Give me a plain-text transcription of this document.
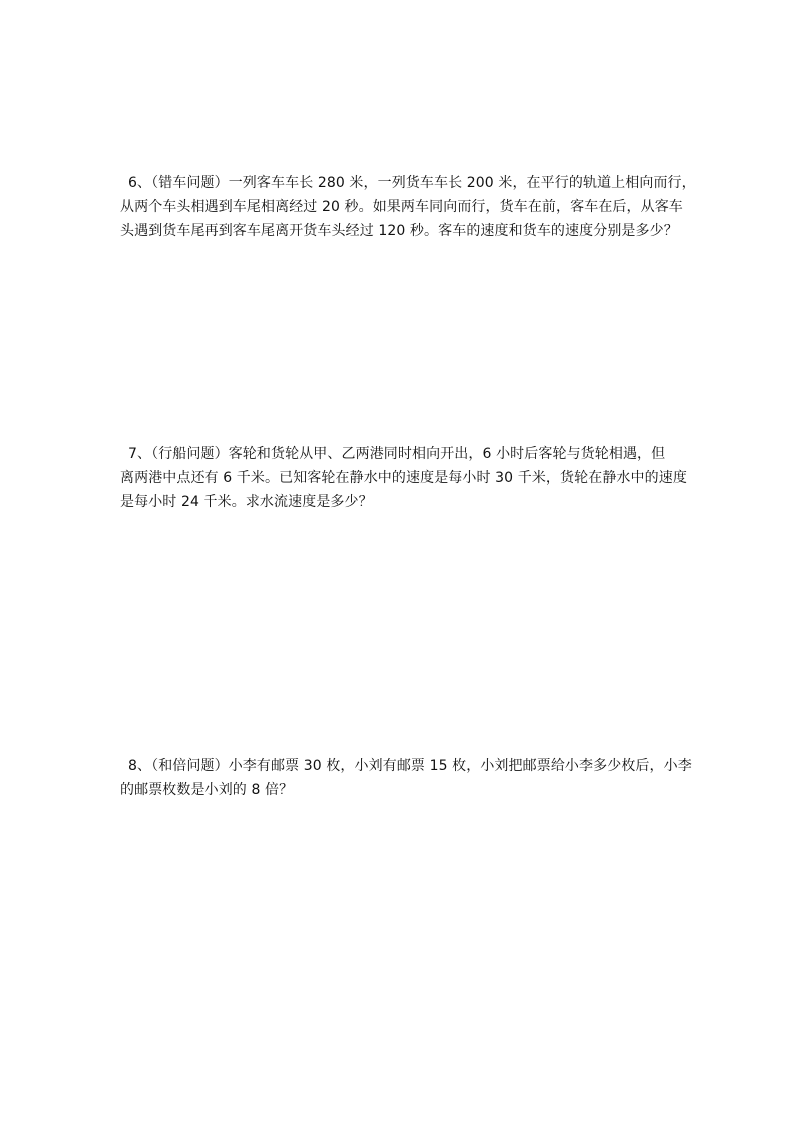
6、（错车问题）一列客车车长 280 米，一列货车车长 200 米，在平行的轨道上相向而行，
从两个车头相遇到车尾相离经过 20 秒。如果两车同向而行，货车在前，客车在后，从客车
头遇到货车尾再到客车尾离开货车头经过 120 秒。客车的速度和货车的速度分别是多少？
7、（行船问题）客轮和货轮从甲、乙两港同时相向开出，6 小时后客轮与货轮相遇，但
离两港中点还有 6 千米。已知客轮在静水中的速度是每小时 30 千米，货轮在静水中的速度
是每小时 24 千米。求水流速度是多少？
8、（和倍问题）小李有邮票 30 枚，小刘有邮票 15 枚，小刘把邮票给小李多少枚后，小李
的邮票枚数是小刘的 8 倍？
